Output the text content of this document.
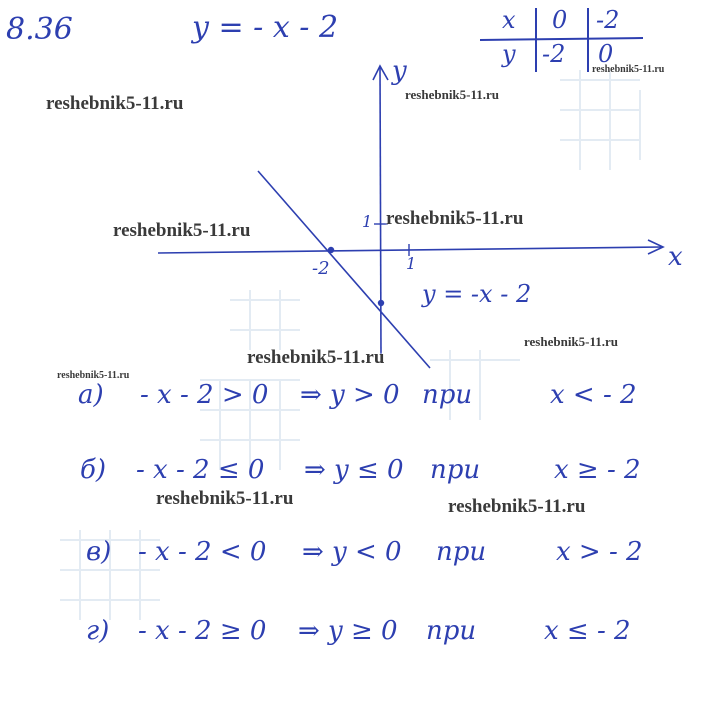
8.36	y = - x - 2	x 0 -2
y -2 0
x
y
-2	1
1
y = -x - 2
а) - x - 2 > 0 ⇒ y > 0 при	x < - 2
б) - x - 2 ≤ 0 ⇒ y ≤ 0 при	x ≥ - 2
в) - x - 2 < 0 ⇒ y < 0 при	x > - 2
г) - x - 2 ≥ 0 ⇒ y ≥ 0 при	x ≤ - 2
reshebnik5-11.ru	reshebnik5-11.ru
reshebnik5-11.ru
reshebnik5-11.ru
reshebnik5-11.ru
reshebnik5-11.ru
reshebnik5-11.ru
reshebnik5-11.ru
reshebnik5-11.ru	reshebnik5-11.ru
